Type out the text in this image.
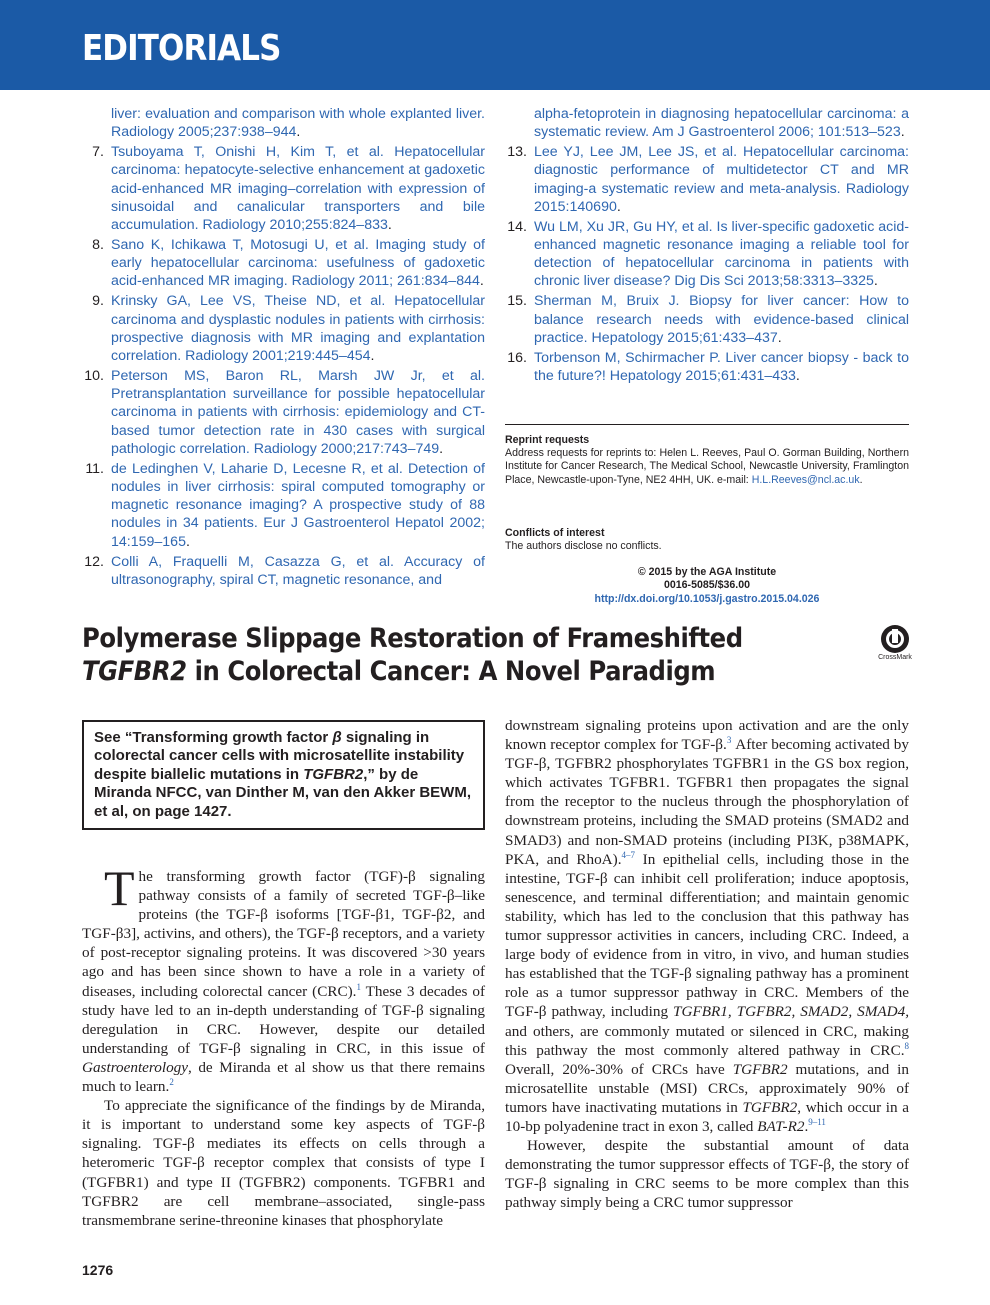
EDITORIALS
liver: evaluation and comparison with whole explanted liver. Radiology 2005;237:938–944.
7. Tsuboyama T, Onishi H, Kim T, et al. Hepatocellular carcinoma: hepatocyte-selective enhancement at gadoxetic acid-enhanced MR imaging–correlation with expression of sinusoidal and canalicular transporters and bile accumulation. Radiology 2010;255:824–833.
8. Sano K, Ichikawa T, Motosugi U, et al. Imaging study of early hepatocellular carcinoma: usefulness of gadoxetic acid-enhanced MR imaging. Radiology 2011; 261:834–844.
9. Krinsky GA, Lee VS, Theise ND, et al. Hepatocellular carcinoma and dysplastic nodules in patients with cirrhosis: prospective diagnosis with MR imaging and explantation correlation. Radiology 2001;219:445–454.
10. Peterson MS, Baron RL, Marsh JW Jr, et al. Pretransplantation surveillance for possible hepatocellular carcinoma in patients with cirrhosis: epidemiology and CT-based tumor detection rate in 430 cases with surgical pathologic correlation. Radiology 2000;217:743–749.
11. de Ledinghen V, Laharie D, Lecesne R, et al. Detection of nodules in liver cirrhosis: spiral computed tomography or magnetic resonance imaging? A prospective study of 88 nodules in 34 patients. Eur J Gastroenterol Hepatol 2002; 14:159–165.
12. Colli A, Fraquelli M, Casazza G, et al. Accuracy of ultrasonography, spiral CT, magnetic resonance, and
alpha-fetoprotein in diagnosing hepatocellular carcinoma: a systematic review. Am J Gastroenterol 2006; 101:513–523.
13. Lee YJ, Lee JM, Lee JS, et al. Hepatocellular carcinoma: diagnostic performance of multidetector CT and MR imaging-a systematic review and meta-analysis. Radiology 2015:140690.
14. Wu LM, Xu JR, Gu HY, et al. Is liver-specific gadoxetic acid-enhanced magnetic resonance imaging a reliable tool for detection of hepatocellular carcinoma in patients with chronic liver disease? Dig Dis Sci 2013;58:3313–3325.
15. Sherman M, Bruix J. Biopsy for liver cancer: How to balance research needs with evidence-based clinical practice. Hepatology 2015;61:433–437.
16. Torbenson M, Schirmacher P. Liver cancer biopsy - back to the future?! Hepatology 2015;61:431–433.
Reprint requests
Address requests for reprints to: Helen L. Reeves, Paul O. Gorman Building, Northern Institute for Cancer Research, The Medical School, Newcastle University, Framlington Place, Newcastle-upon-Tyne, NE2 4HH, UK. e-mail: H.L.Reeves@ncl.ac.uk.
Conflicts of interest
The authors disclose no conflicts.
© 2015 by the AGA Institute
0016-5085/$36.00
http://dx.doi.org/10.1053/j.gastro.2015.04.026
Polymerase Slippage Restoration of Frameshifted TGFBR2 in Colorectal Cancer: A Novel Paradigm	CrossMark
See “Transforming growth factor β signaling in colorectal cancer cells with microsatellite instability despite biallelic mutations in TGFBR2,” by de Miranda NFCC, van Dinther M, van den Akker BEWM, et al, on page 1427.

The transforming growth factor (TGF)-β signaling pathway consists of a family of secreted TGF-β–like proteins (the TGF-β isoforms [TGF-β1, TGF-β2, and TGF-β3], activins, and others), the TGF-β receptors, and a variety of post-receptor signaling proteins. It was discovered >30 years ago and has been since shown to have a role in a variety of diseases, including colorectal cancer (CRC).$^1$ These 3 decades of study have led to an in-depth understanding of TGF-β signaling deregulation in CRC. However, despite our detailed understanding of TGF-β signaling in CRC, in this issue of Gastroenterology, de Miranda et al show us that there remains much to learn.$^2$

To appreciate the significance of the findings by de Miranda, it is important to understand some key aspects of TGF-β signaling. TGF-β mediates its effects on cells through a heteromeric TGF-β receptor complex that consists of type I (TGFBR1) and type II (TGFBR2) components. TGFBR1 and TGFBR2 are cell membrane–associated, single-pass transmembrane serine-threonine kinases that phosphorylate

downstream signaling proteins upon activation and are the only known receptor complex for TGF-β.$^3$ After becoming activated by TGF-β, TGFBR2 phosphorylates TGFBR1 in the GS box region, which activates TGFBR1. TGFBR1 then propagates the signal from the receptor to the nucleus through the phosphorylation of downstream proteins, including the SMAD proteins (SMAD2 and SMAD3) and non-SMAD proteins (including PI3K, p38MAPK, PKA, and RhoA).$^{4-7}$ In epithelial cells, including those in the intestine, TGF-β can inhibit cell proliferation; induce apoptosis, senescence, and terminal differentiation; and maintain genomic stability, which has led to the conclusion that this pathway has tumor suppressor activities in cancers, including CRC. Indeed, a large body of evidence from in vitro, in vivo, and human studies has established that the TGF-β signaling pathway has a prominent role as a tumor suppressor pathway in CRC. Members of the TGF-β pathway, including TGFBR1, TGFBR2, SMAD2, SMAD4, and others, are commonly mutated or silenced in CRC, making this pathway the most commonly altered pathway in CRC.$^8$ Overall, 20%-30% of CRCs have TGFBR2 mutations, and in microsatellite unstable (MSI) CRCs, approximately 90% of tumors have inactivating mutations in TGFBR2, which occur in a 10-bp polyadenine tract in exon 3, called BAT-R2.$^{9-11}$

However, despite the substantial amount of data demonstrating the tumor suppressor effects of TGF-β, the story of TGF-β signaling in CRC seems to be more complex than this pathway simply being a CRC tumor suppressor

1276
